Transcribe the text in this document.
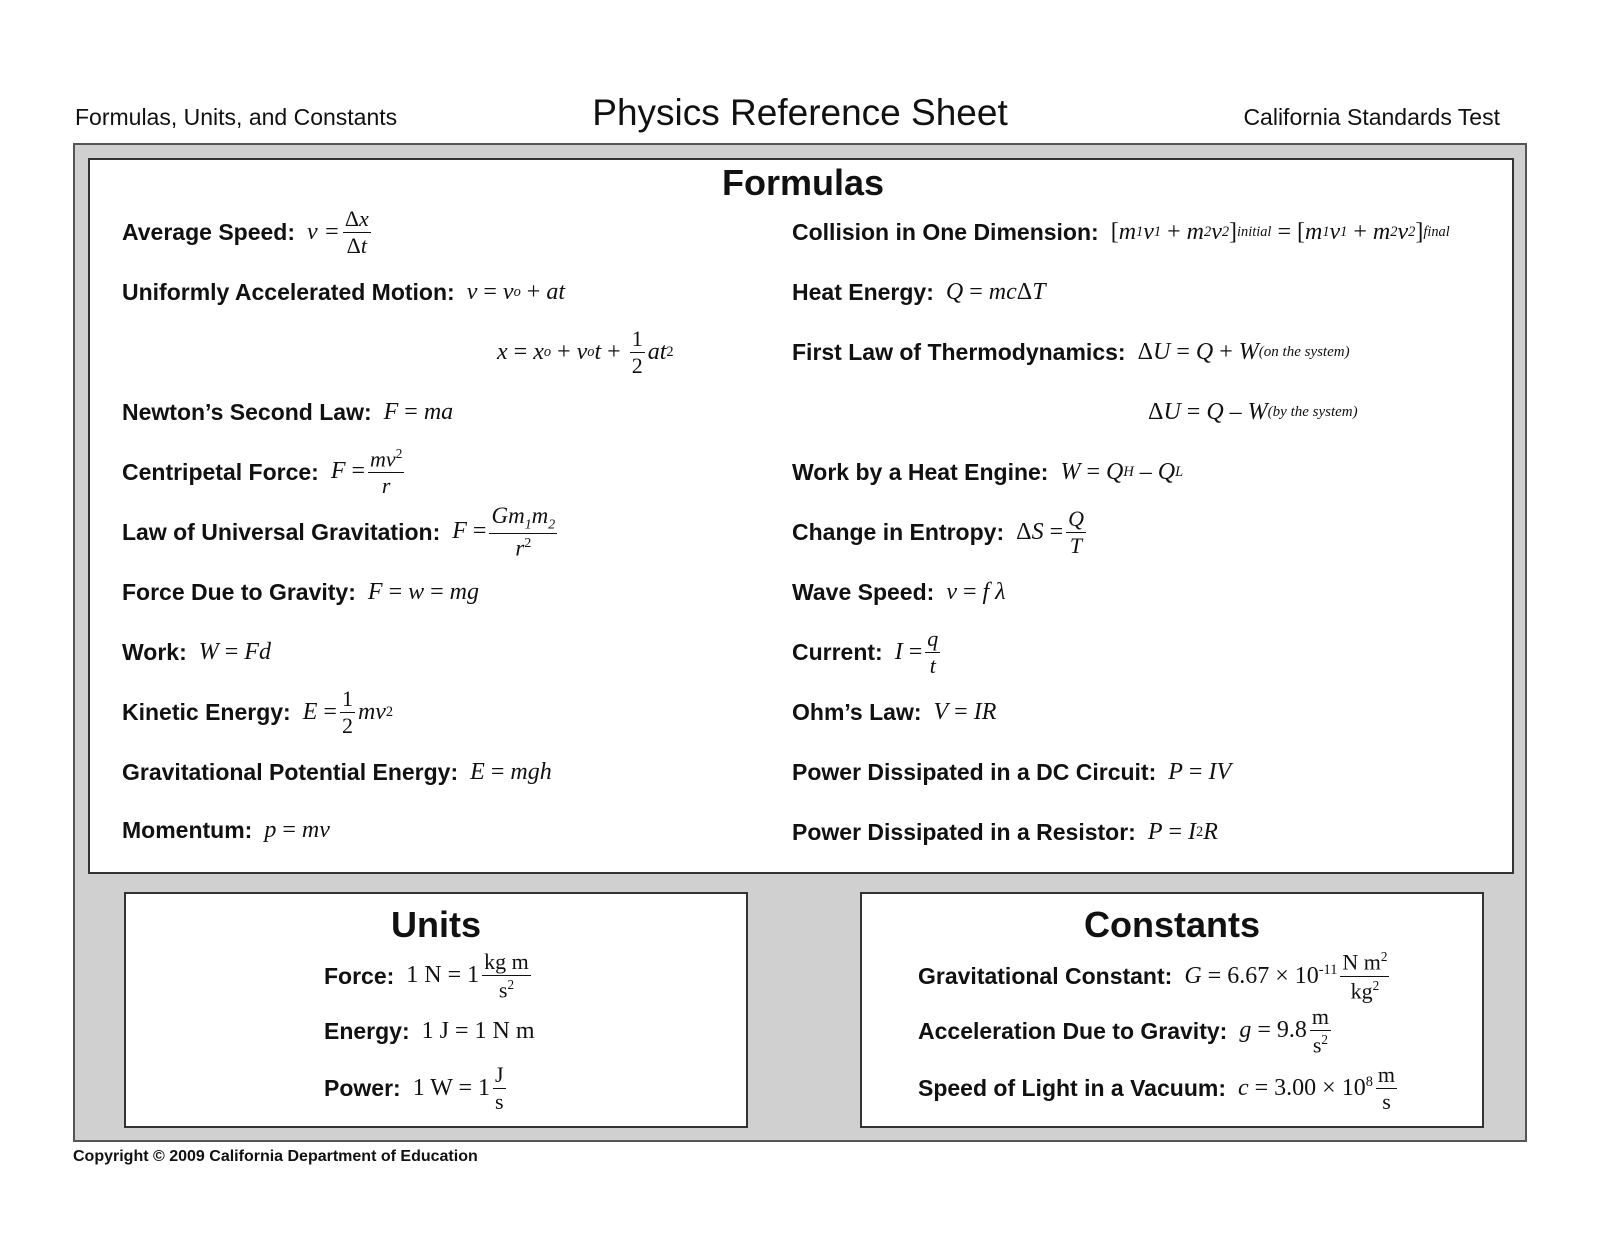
Formulas, Units, and Constants	Physics Reference Sheet	California Standards Test
Formulas
Average Speed: $v = \frac{\Delta x}{\Delta t}$
Uniformly Accelerated Motion: v = v o + at
x = x o + v o $t + \frac{1}{2}$ at 2
Newton’s Second Law: F = ma
Centripetal Force: $F = \frac{mv^2}{r}$
Law of Universal Gravitation: $F = \frac{Gm_1m_2}{r^2}$
Force Due to Gravity: F = w = mg
Work: W = Fd
Kinetic Energy: $E = \frac{1}{2}$ mv 2
Gravitational Potential Energy: E = mgh
Momentum: p = mv
Collision in One Dimension: [ m 1 v 1 + m 2 v 2 ] initial = [ m 1 v 1 + m 2 v 2 ] final
Heat Energy: Q = mc Δ T
First Law of Thermodynamics: Δ U = Q + W (on the system)
Δ U = Q – W (by the system)
Work by a Heat Engine: W = Q H – Q L
Change in Entropy: Δ $S = \frac{Q}{T}$
Wave Speed: v = f λ
Current: $I = \frac{q}{t}$
Ohm’s Law: V = IR
Power Dissipated in a DC Circuit: P = IV
Power Dissipated in a Resistor: P = I 2 R
Units
Force: 1 $N = 1 \frac{\text{kg m}}{s^2}$
Energy: 1 J = 1 N m
Power: 1 $W = 1 \frac{J}{s}$
Constants
Gravitational Constant: $G = 6.67 \times 10^{-11} \frac{N m^2}{kg^2}$
Acceleration Due to Gravity: $g = 9.8 \frac{m}{s^2}$
Speed of Light in a Vacuum: $c = 3.00 \times 10^8 \frac{m}{s}$
Copyright © 2009 California Department of Education
